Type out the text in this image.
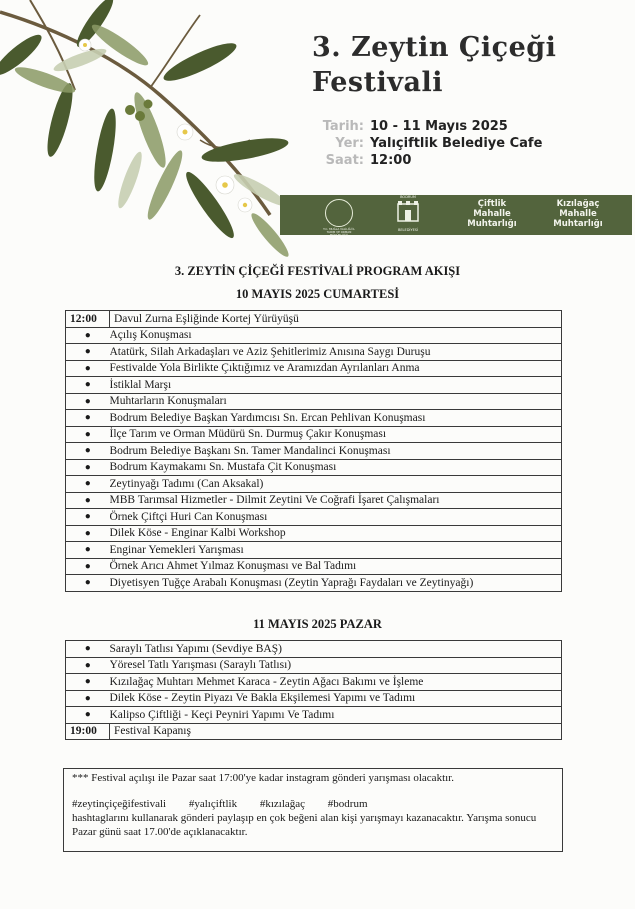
3. Zeytin Çiçeği
Festivali
Tarih: 10 - 11 Mayıs 2025
Yer: Yalıçiftlik Belediye Cafe
Saat: 12:00
T.C. MUĞLA VALİLİĞİ İL TARIM VE ORMAN MÜDÜRLÜĞÜ
BODRUM
BELEDİYESİ
Çiftlik
Mahalle
Muhtarlığı
Kızılağaç
Mahalle
Muhtarlığı
3. ZEYTİN ÇİÇEĞİ FESTİVALİ PROGRAM AKIŞI
10 MAYIS 2025 CUMARTESİ
12:00	Davul Zurna Eşliğinde Kortej Yürüyüşü
●	Açılış Konuşması
●	Atatürk, Silah Arkadaşları ve Aziz Şehitlerimiz Anısına Saygı Duruşu
●	Festivalde Yola Birlikte Çıktığımız ve Aramızdan Ayrılanları Anma
●	İstiklal Marşı
●	Muhtarların Konuşmaları
●	Bodrum Belediye Başkan Yardımcısı Sn. Ercan Pehlivan Konuşması
●	İlçe Tarım ve Orman Müdürü Sn. Durmuş Çakır Konuşması
●	Bodrum Belediye Başkanı Sn. Tamer Mandalinci Konuşması
●	Bodrum Kaymakamı Sn. Mustafa Çit Konuşması
●	Zeytinyağı Tadımı (Can Aksakal)
●	MBB Tarımsal Hizmetler - Dilmit Zeytini Ve Coğrafi İşaret Çalışmaları
●	Örnek Çiftçi Huri Can Konuşması
●	Dilek Köse - Enginar Kalbi Workshop
●	Enginar Yemekleri Yarışması
●	Örnek Arıcı Ahmet Yılmaz Konuşması ve Bal Tadımı
●	Diyetisyen Tuğçe Arabalı Konuşması (Zeytin Yaprağı Faydaları ve Zeytinyağı)
11 MAYIS 2025 PAZAR
●	Saraylı Tatlısı Yapımı (Sevdiye BAŞ)
●	Yöresel Tatlı Yarışması (Saraylı Tatlısı)
●	Kızılağaç Muhtarı Mehmet Karaca - Zeytin Ağacı Bakımı ve İşleme
●	Dilek Köse - Zeytin Piyazı Ve Bakla Ekşilemesi Yapımı ve Tadımı
●	Kalipso Çiftliği - Keçi Peyniri Yapımı Ve Tadımı
19:00	Festival Kapanış

*** Festival açılışı ile Pazar saat 17:00'ye kadar instagram gönderi yarışması olacaktır.

#zeytinçiçeğifestivali #yalıçiftlik #kızılağaç #bodrum

hashtaglarını kullanarak gönderi paylaşıp en çok beğeni alan kişi yarışmayı kazanacaktır. Yarışma sonucu Pazar günü saat 17.00'de açıklanacaktır.
